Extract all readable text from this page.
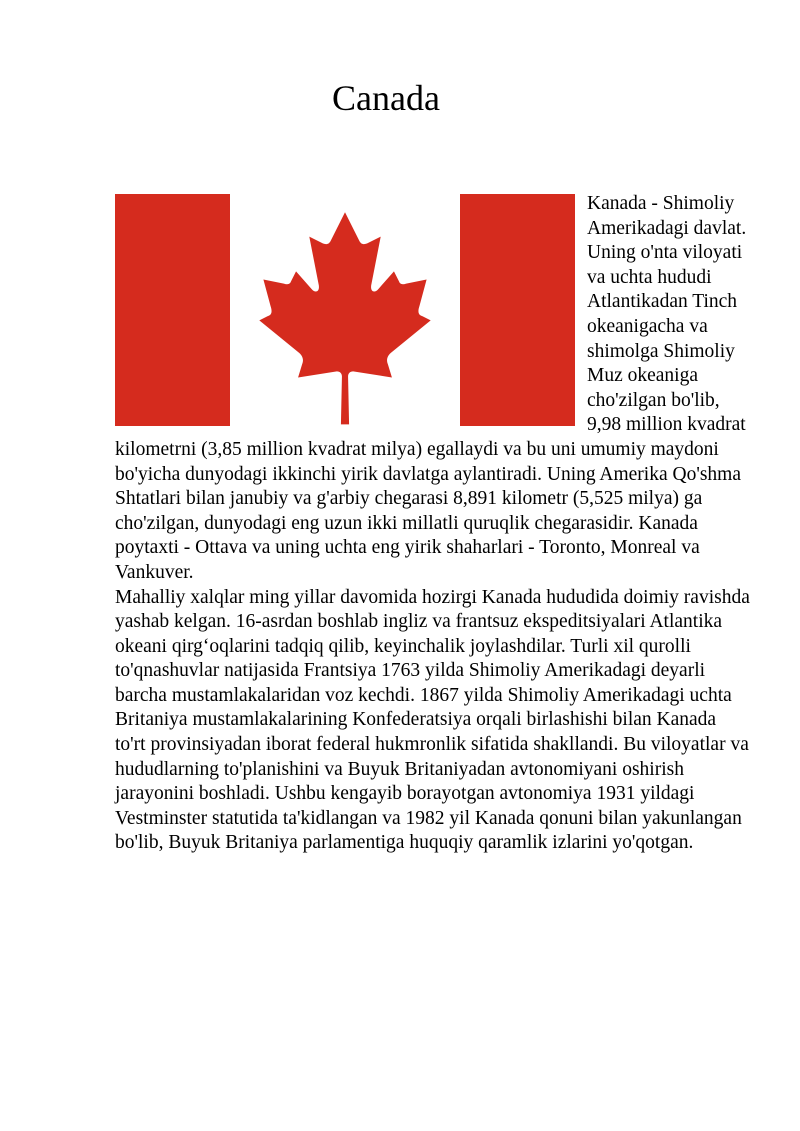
Canada

Kanada - Shimoliy Amerikadagi davlat. Uning o'nta viloyati va uchta hududi Atlantikadan Tinch okeanigacha va shimolga Shimoliy Muz okeaniga cho'zilgan bo'lib, 9,98 million kvadrat kilometrni (3,85 million kvadrat milya) egallaydi va bu uni umumiy maydoni bo'yicha dunyodagi ikkinchi yirik davlatga aylantiradi. Uning Amerika Qo'shma Shtatlari bilan janubiy va g'arbiy chegarasi 8,891 kilometr (5,525 milya) ga cho'zilgan, dunyodagi eng uzun ikki millatli quruqlik chegarasidir. Kanada poytaxti - Ottava va uning uchta eng yirik shaharlari - Toronto, Monreal va Vankuver.

Mahalliy xalqlar ming yillar davomida hozirgi Kanada hududida doimiy ravishda yashab kelgan. 16-asrdan boshlab ingliz va frantsuz ekspeditsiyalari Atlantika okeani qirg‘oqlarini tadqiq qilib, keyinchalik joylashdilar. Turli xil qurolli to'qnashuvlar natijasida Frantsiya 1763 yilda Shimoliy Amerikadagi deyarli barcha mustamlakalaridan voz kechdi. 1867 yilda Shimoliy Amerikadagi uchta Britaniya mustamlakalarining Konfederatsiya orqali birlashishi bilan Kanada to'rt provinsiyadan iborat federal hukmronlik sifatida shakllandi. Bu viloyatlar va hududlarning to'planishini va Buyuk Britaniyadan avtonomiyani oshirish jarayonini boshladi. Ushbu kengayib borayotgan avtonomiya 1931 yildagi Vestminster statutida ta'kidlangan va 1982 yil Kanada qonuni bilan yakunlangan bo'lib, Buyuk Britaniya parlamentiga huquqiy qaramlik izlarini yo'qotgan.
